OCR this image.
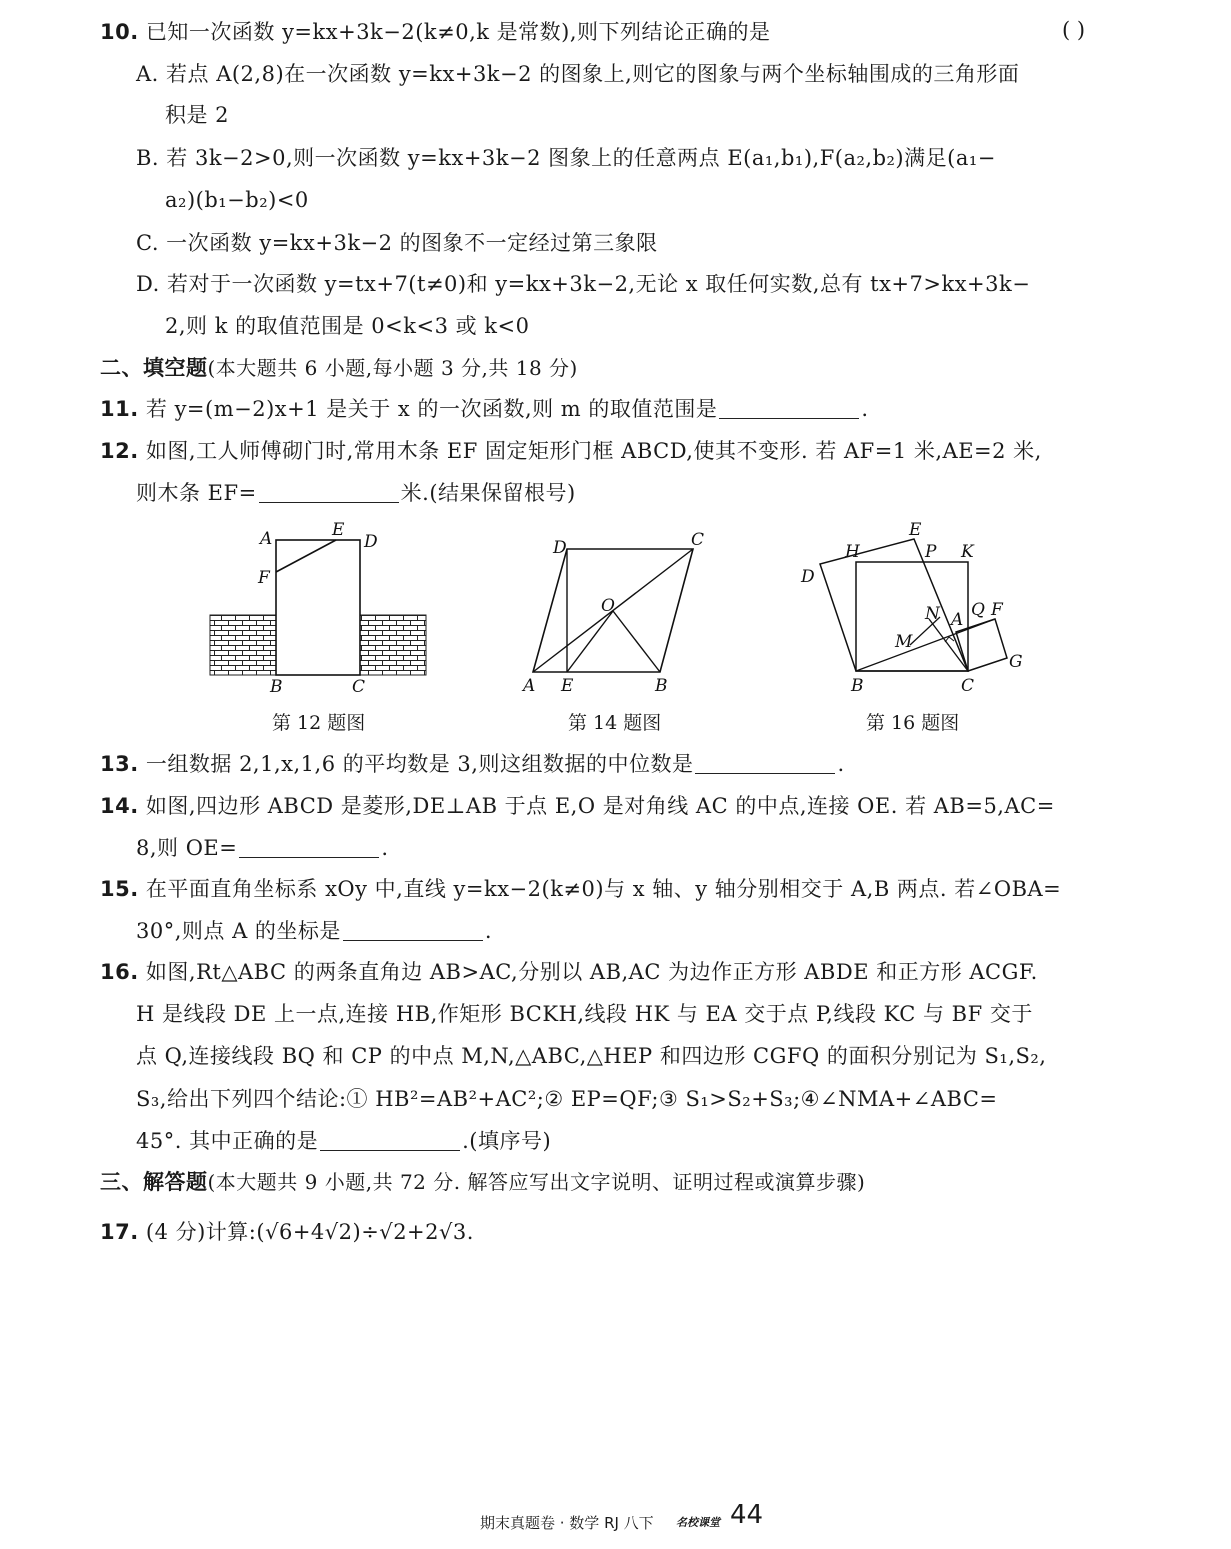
10. 已知一次函数 y=kx+3k−2(k≠0,k 是常数),则下列结论正确的是	( )
A. 若点 A(2,8)在一次函数 y=kx+3k−2 的图象上,则它的图象与两个坐标轴围成的三角形面
积是 2
B. 若 3k−2>0,则一次函数 y=kx+3k−2 图象上的任意两点 E(a₁,b₁),F(a₂,b₂)满足(a₁−
a₂)(b₁−b₂)<0
C. 一次函数 y=kx+3k−2 的图象不一定经过第三象限
D. 若对于一次函数 y=tx+7(t≠0)和 y=kx+3k−2,无论 x 取任何实数,总有 tx+7>kx+3k−
2,则 k 的取值范围是 0<k<3 或 k<0
二、填空题(本大题共 6 小题,每小题 3 分,共 18 分)
11. 若 y=(m−2)x+1 是关于 x 的一次函数,则 m 的取值范围是	.
12. 如图,工人师傅砌门时,常用木条 EF 固定矩形门框 ABCD,使其不变形. 若 AF=1 米,AE=2 米,
则木条 EF=	米.(结果保留根号)
A	E
D
F
B	C
第 12 题图
D	C
O
A E	B
第 14 题图
E
H	P K
D
N A Q F
M
G
B	C
第 16 题图
13. 一组数据 2,1,x,1,6 的平均数是 3,则这组数据的中位数是	.
14. 如图,四边形 ABCD 是菱形,DE⊥AB 于点 E,O 是对角线 AC 的中点,连接 OE. 若 AB=5,AC=
8,则 OE=	.
15. 在平面直角坐标系 xOy 中,直线 y=kx−2(k≠0)与 x 轴、y 轴分别相交于 A,B 两点. 若∠OBA=
30°,则点 A 的坐标是	.
16. 如图,Rt△ABC 的两条直角边 AB>AC,分别以 AB,AC 为边作正方形 ABDE 和正方形 ACGF.
H 是线段 DE 上一点,连接 HB,作矩形 BCKH,线段 HK 与 EA 交于点 P,线段 KC 与 BF 交于
点 Q,连接线段 BQ 和 CP 的中点 M,N,△ABC,△HEP 和四边形 CGFQ 的面积分别记为 S₁,S₂,
S₃,给出下列四个结论:① HB²=AB²+AC²;② EP=QF;③ S₁>S₂+S₃;④∠NMA+∠ABC=
45°. 其中正确的是	.(填序号)
三、解答题(本大题共 9 小题,共 72 分. 解答应写出文字说明、证明过程或演算步骤)
17. (4 分)计算:(√6+4√2)÷√2+2√3.
期末真题卷 · 数学 RJ 八下 名校课堂 44
